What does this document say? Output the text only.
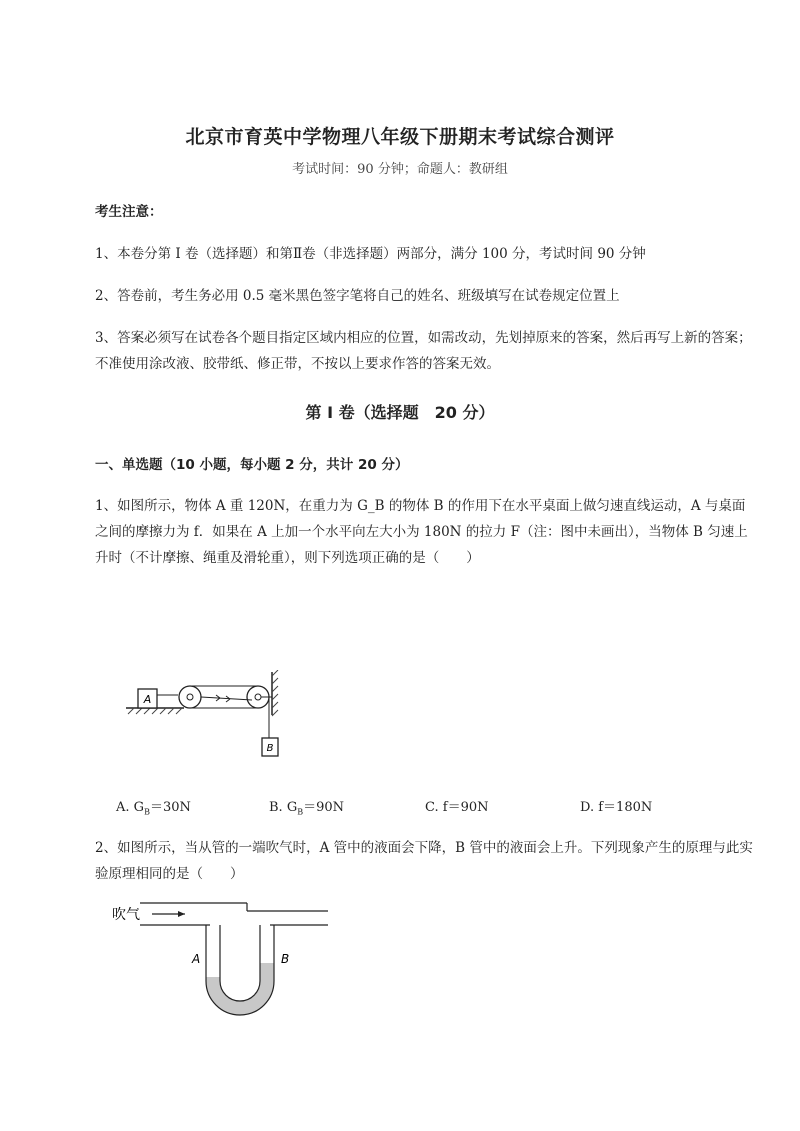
北京市育英中学物理八年级下册期末考试综合测评
考试时间：90 分钟；命题人：教研组
考生注意：
1、本卷分第 I 卷（选择题）和第Ⅱ卷（非选择题）两部分，满分 100 分，考试时间 90 分钟
2、答卷前，考生务必用 0.5 毫米黑色签字笔将自己的姓名、班级填写在试卷规定位置上
3、答案必须写在试卷各个题目指定区域内相应的位置，如需改动，先划掉原来的答案，然后再写上新的答案；不准使用涂改液、胶带纸、修正带，不按以上要求作答的答案无效。
第 I 卷（选择题　20 分）
一、单选题（10 小题，每小题 2 分，共计 20 分）
1、如图所示，物体 A 重 120N，在重力为 G_B 的物体 B 的作用下在水平桌面上做匀速直线运动，A 与桌面之间的摩擦力为 f．如果在 A 上加一个水平向左大小为 180N 的拉力 F（注：图中未画出），当物体 B 匀速上升时（不计摩擦、绳重及滑轮重），则下列选项正确的是（　　）
A
B
A. $G_B=30N$	B. $G_B=90N$	C. f＝90N	D. f＝180N
2、如图所示，当从管的一端吹气时，A 管中的液面会下降，B 管中的液面会上升。下列现象产生的原理与此实验原理相同的是（　　）
吹气
A	B
